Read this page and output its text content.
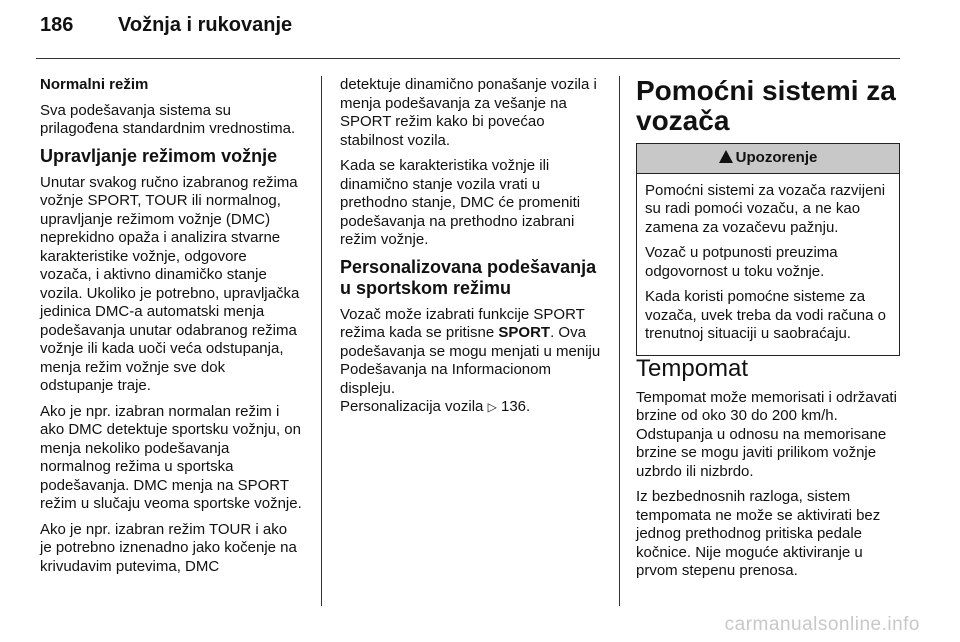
186 Vožnja i rukovanje

Normalni režim

Sva podešavanja sistema su prilagođena standardnim vrednostima.

Upravljanje režimom vožnje

Unutar svakog ručno izabranog režima vožnje SPORT, TOUR ili normalnog, upravljanje režimom vožnje (DMC) neprekidno opaža i analizira stvarne karakteristike vožnje, odgovore vozača, i aktivno dinamičko stanje vozila. Ukoliko je potrebno, upravljačka jedinica DMC-a automatski menja podešavanja unutar odabranog režima vožnje ili kada uoči veća odstupanja, menja režim vožnje sve dok odstupanje traje.

Ako je npr. izabran normalan režim i ako DMC detektuje sportsku vožnju, on menja nekoliko podešavanja normalnog režima u sportska podešavanja. DMC menja na SPORT režim u slučaju veoma sportske vožnje.

Ako je npr. izabran režim TOUR i ako je potrebno iznenadno jako kočenje na krivudavim putevima, DMC

detektuje dinamično ponašanje vozila i menja podešavanja za vešanje na SPORT režim kako bi povećao stabilnost vozila.

Kada se karakteristika vožnje ili dinamično stanje vozila vrati u prethodno stanje, DMC će promeniti podešavanja na prethodno izabrani režim vožnje.

Personalizovana podešavanja u sportskom režimu

Vozač može izabrati funkcije SPORT režima kada se pritisne SPORT. Ova podešavanja se mogu menjati u meniju Podešavanja na Informacionom displeju.
Personalizacija vozila ▷ 136.

Pomoćni sistemi za vozača

Upozorenje

Pomoćni sistemi za vozača razvijeni su radi pomoći vozaču, a ne kao zamena za vozačevu pažnju.

Vozač u potpunosti preuzima odgovornost u toku vožnje.

Kada koristi pomoćne sisteme za vozača, uvek treba da vodi računa o trenutnoj situaciji u saobraćaju.

Tempomat

Tempomat može memorisati i održavati brzine od oko 30 do 200 km/h. Odstupanja u odnosu na memorisane brzine se mogu javiti prilikom vožnje uzbrdo ili nizbrdo.

Iz bezbednosnih razloga, sistem tempomata ne može se aktivirati bez jednog prethodnog pritiska pedale kočnice. Nije moguće aktiviranje u prvom stepenu prenosa.

carmanualsonline.info
